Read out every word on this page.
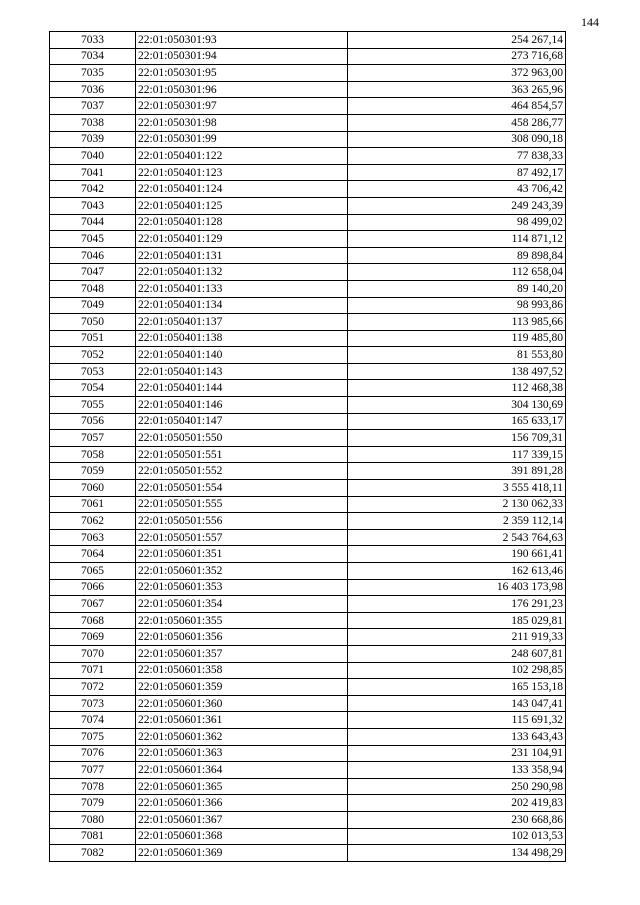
144
7033	22:01:050301:93	254 267,14
7034	22:01:050301:94	273 716,68
7035	22:01:050301:95	372 963,00
7036	22:01:050301:96	363 265,96
7037	22:01:050301:97	464 854,57
7038	22:01:050301:98	458 286,77
7039	22:01:050301:99	308 090,18
7040	22:01:050401:122	77 838,33
7041	22:01:050401:123	87 492,17
7042	22:01:050401:124	43 706,42
7043	22:01:050401:125	249 243,39
7044	22:01:050401:128	98 499,02
7045	22:01:050401:129	114 871,12
7046	22:01:050401:131	89 898,84
7047	22:01:050401:132	112 658,04
7048	22:01:050401:133	89 140,20
7049	22:01:050401:134	98 993,86
7050	22:01:050401:137	113 985,66
7051	22:01:050401:138	119 485,80
7052	22:01:050401:140	81 553,80
7053	22:01:050401:143	138 497,52
7054	22:01:050401:144	112 468,38
7055	22:01:050401:146	304 130,69
7056	22:01:050401:147	165 633,17
7057	22:01:050501:550	156 709,31
7058	22:01:050501:551	117 339,15
7059	22:01:050501:552	391 891,28
7060	22:01:050501:554	3 555 418,11
7061	22:01:050501:555	2 130 062,33
7062	22:01:050501:556	2 359 112,14
7063	22:01:050501:557	2 543 764,63
7064	22:01:050601:351	190 661,41
7065	22:01:050601:352	162 613,46
7066	22:01:050601:353	16 403 173,98
7067	22:01:050601:354	176 291,23
7068	22:01:050601:355	185 029,81
7069	22:01:050601:356	211 919,33
7070	22:01:050601:357	248 607,81
7071	22:01:050601:358	102 298,85
7072	22:01:050601:359	165 153,18
7073	22:01:050601:360	143 047,41
7074	22:01:050601:361	115 691,32
7075	22:01:050601:362	133 643,43
7076	22:01:050601:363	231 104,91
7077	22:01:050601:364	133 358,94
7078	22:01:050601:365	250 290,98
7079	22:01:050601:366	202 419,83
7080	22:01:050601:367	230 668,86
7081	22:01:050601:368	102 013,53
7082	22:01:050601:369	134 498,29
